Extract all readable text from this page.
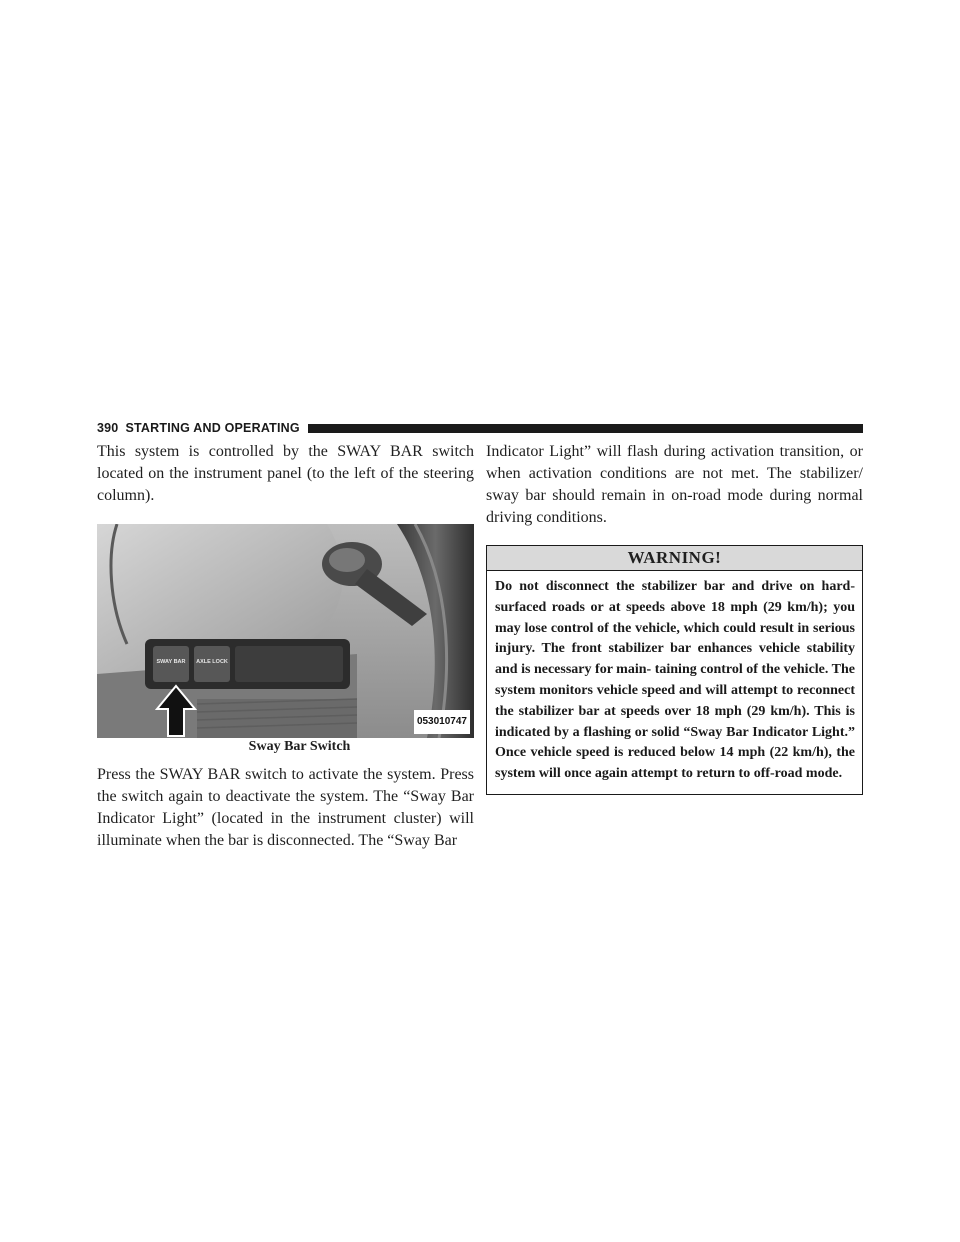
390 STARTING AND OPERATING

This system is controlled by the SWAY BAR switch located on the instrument panel (to the left of the steering column).

SWAY BAR AXLE LOCK
053010747

Sway Bar Switch

Press the SWAY BAR switch to activate the system. Press the switch again to deactivate the system. The “Sway Bar Indicator Light” (located in the instrument cluster) will illuminate when the bar is disconnected. The “Sway Bar

Indicator Light” will flash during activation transition, or when activation conditions are not met. The stabilizer/ sway bar should remain in on-road mode during normal driving conditions.

WARNING!
Do not disconnect the stabilizer bar and drive on hard-surfaced roads or at speeds above 18 mph (29 km/h); you may lose control of the vehicle, which could result in serious injury. The front stabilizer bar enhances vehicle stability and is necessary for main- taining control of the vehicle. The system monitors vehicle speed and will attempt to reconnect the stabilizer bar at speeds over 18 mph (29 km/h). This is indicated by a flashing or solid “Sway Bar Indicator Light.” Once vehicle speed is reduced below 14 mph (22 km/h), the system will once again attempt to return to off-road mode.
